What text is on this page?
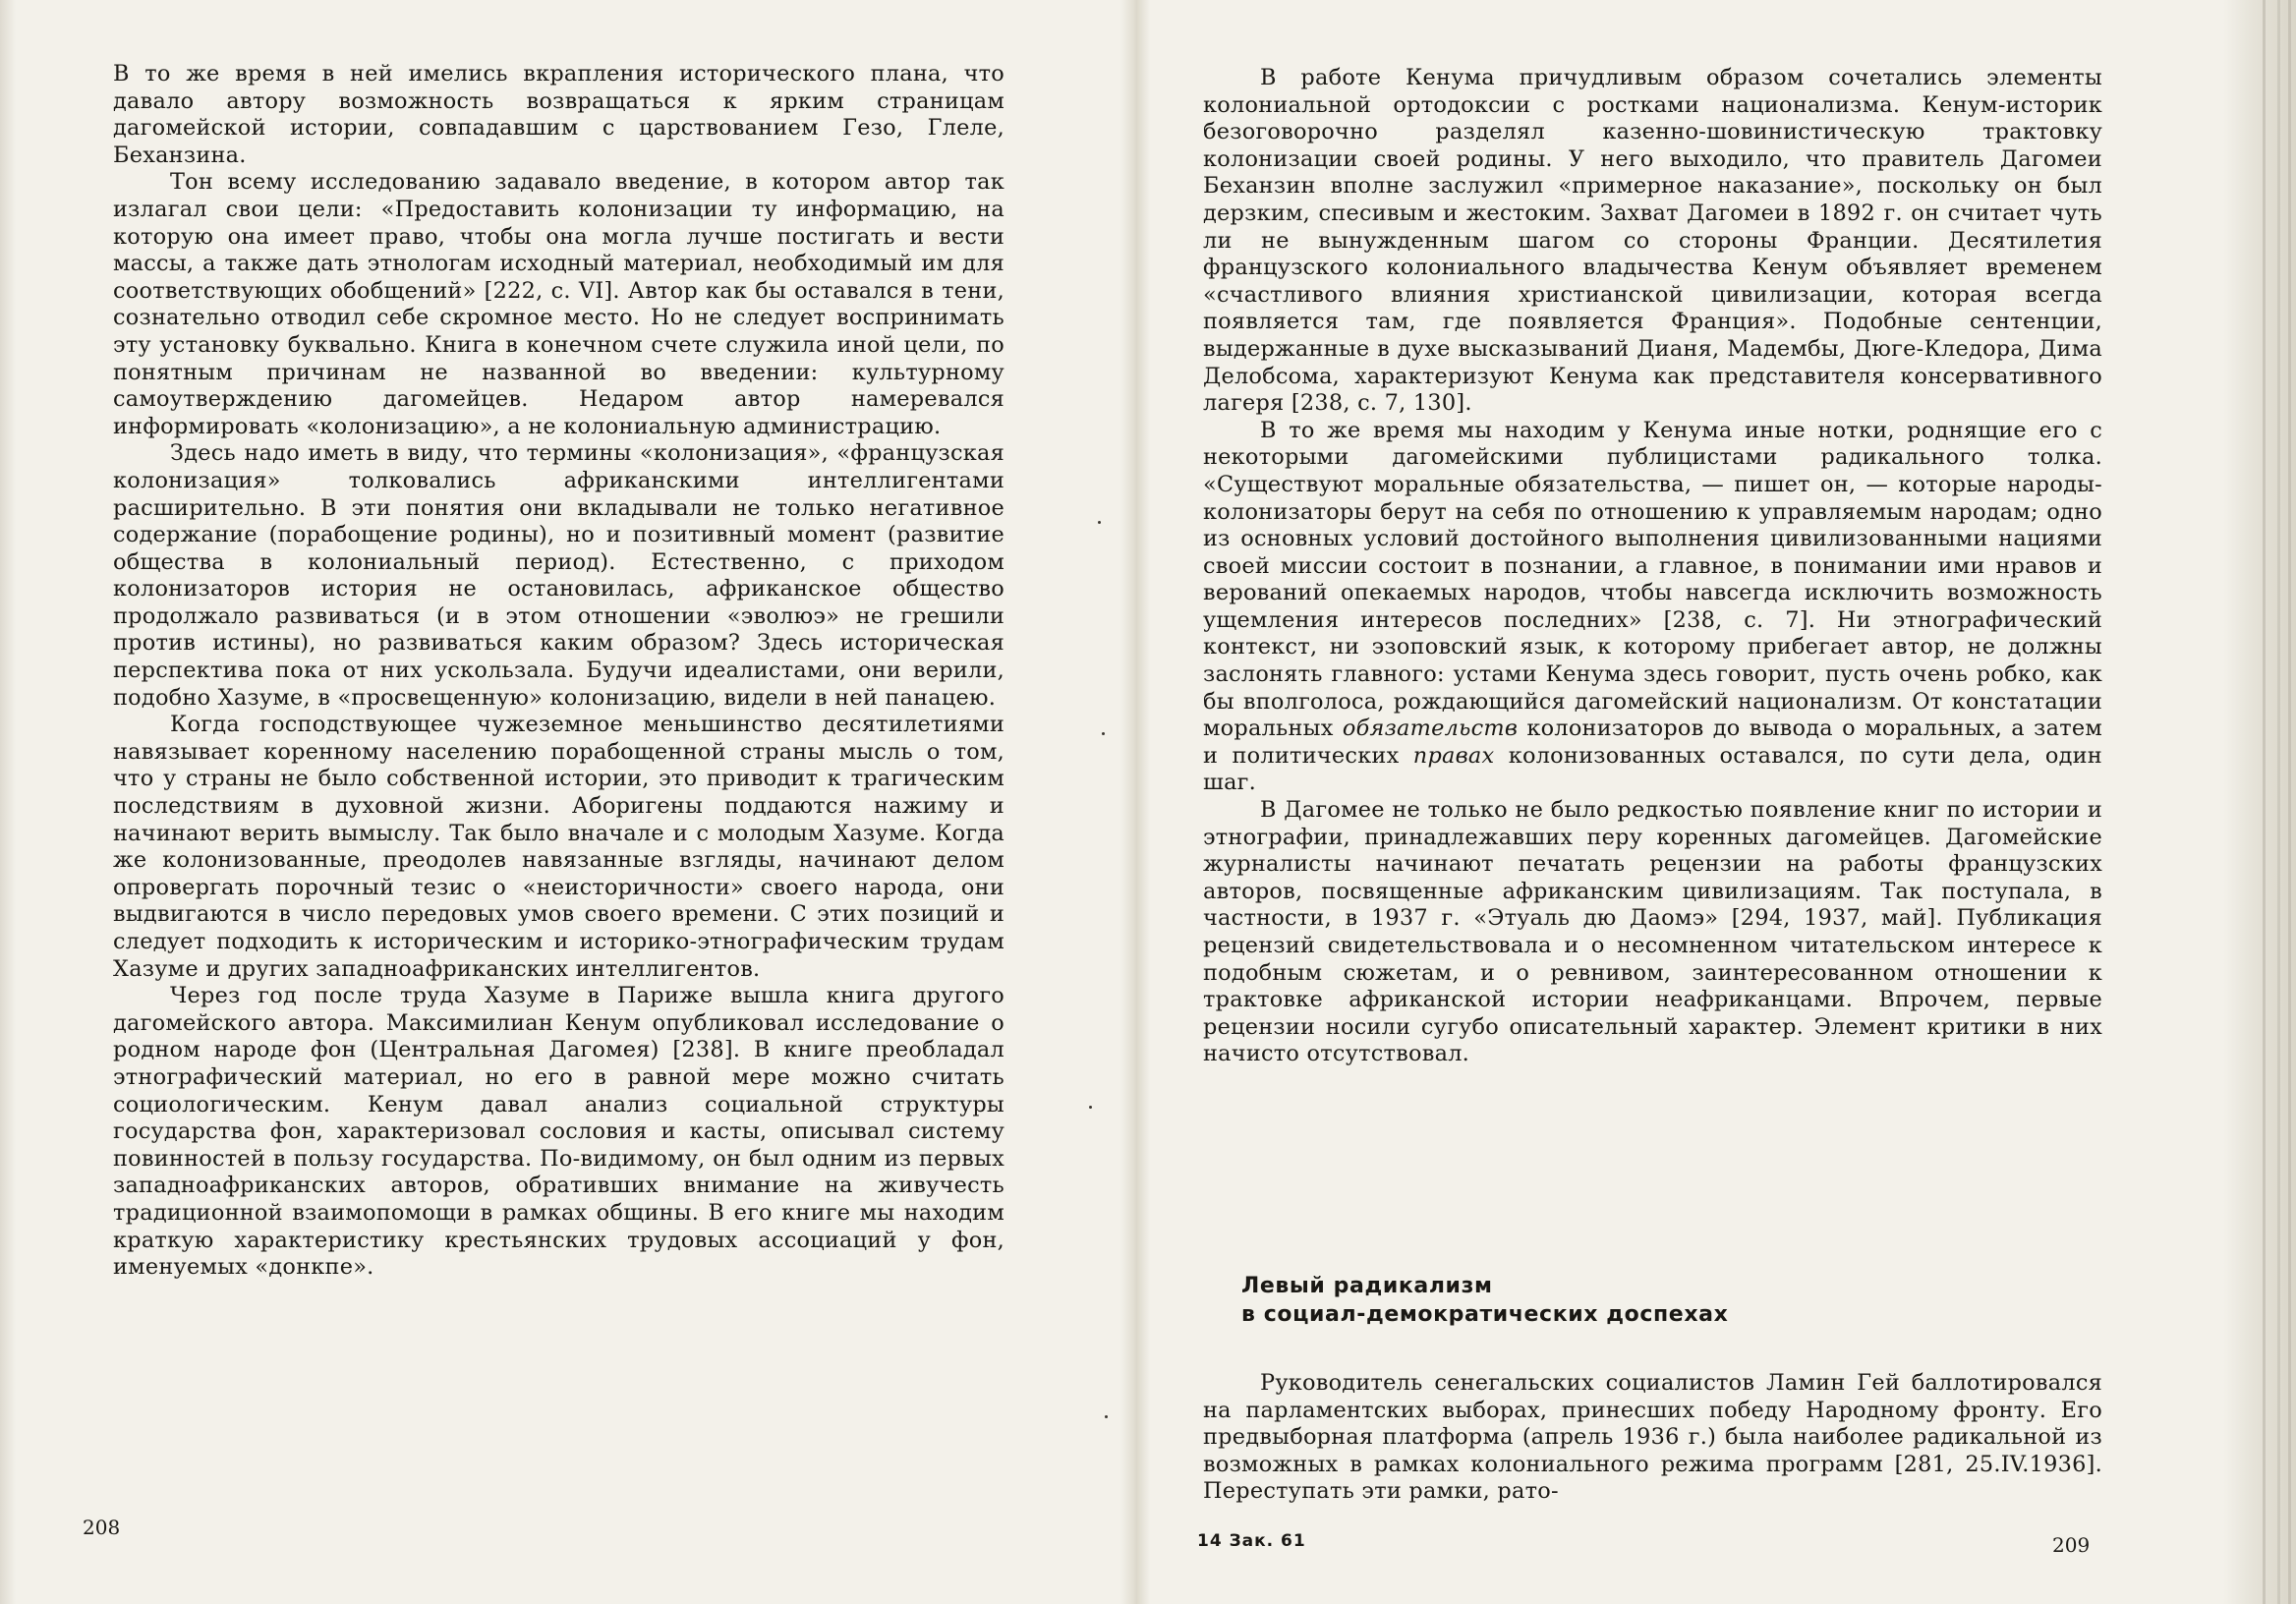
В то же время в ней имелись вкрапления исторического плана, что давало автору возможность возвращаться к ярким страницам дагомейской истории, совпадавшим с царствованием Гезо, Глеле, Беханзина.

Тон всему исследованию задавало введение, в котором автор так излагал свои цели: «Предоставить колонизации ту информацию, на которую она имеет право, чтобы она могла лучше постигать и вести массы, а также дать этнологам исходный материал, необходимый им для соответствующих обобщений» [222, с. VI]. Автор как бы оставался в тени, сознательно отводил себе скромное место. Но не следует воспринимать эту установку буквально. Книга в конечном счете служила иной цели, по понятным причинам не названной во введении: культурному самоутверждению дагомейцев. Недаром автор намеревался информировать «колонизацию», а не колониальную администрацию.

Здесь надо иметь в виду, что термины «колонизация», «французская колонизация» толковались африканскими интеллигентами расширительно. В эти понятия они вкладывали не только негативное содержание (порабощение родины), но и позитивный момент (развитие общества в колониальный период). Естественно, с приходом колонизаторов история не остановилась, африканское общество продолжало развиваться (и в этом отношении «эволюэ» не грешили против истины), но развиваться каким образом? Здесь историческая перспектива пока от них ускользала. Будучи идеалистами, они верили, подобно Хазуме, в «просвещенную» колонизацию, видели в ней панацею.

Когда господствующее чужеземное меньшинство десятилетиями навязывает коренному населению порабощенной страны мысль о том, что у страны не было собственной истории, это приводит к трагическим последствиям в духовной жизни. Аборигены поддаются нажиму и начинают верить вымыслу. Так было вначале и с молодым Хазуме. Когда же колонизованные, преодолев навязанные взгляды, начинают делом опровергать порочный тезис о «неисторичности» своего народа, они выдвигаются в число передовых умов своего времени. С этих позиций и следует подходить к историческим и историко-этнографическим трудам Хазуме и других западноафриканских интеллигентов.

Через год после труда Хазуме в Париже вышла книга другого дагомейского автора. Максимилиан Кенум опубликовал исследование о родном народе фон (Центральная Дагомея) [238]. В книге преобладал этнографический материал, но его в равной мере можно считать социологическим. Кенум давал анализ социальной структуры государства фон, характеризовал сословия и касты, описывал систему повинностей в пользу государства. По-видимому, он был одним из первых западноафриканских авторов, обративших внимание на живучесть традиционной взаимопомощи в рамках общины. В его книге мы находим краткую характеристику крестьянских трудовых ассоциаций у фон, именуемых «донкпе».

208

В работе Кенума причудливым образом сочетались элементы колониальной ортодоксии с ростками национализма. Кенум-историк безоговорочно разделял казенно-шовинистическую трактовку колонизации своей родины. У него выходило, что правитель Дагомеи Беханзин вполне заслужил «примерное наказание», поскольку он был дерзким, спесивым и жестоким. Захват Дагомеи в 1892 г. он считает чуть ли не вынужденным шагом со стороны Франции. Десятилетия французского колониального владычества Кенум объявляет временем «счастливого влияния христианской цивилизации, которая всегда появляется там, где появляется Франция». Подобные сентенции, выдержанные в духе высказываний Дианя, Мадембы, Дюге-Кледора, Дима Делобсома, характеризуют Кенума как представителя консервативного лагеря [238, с. 7, 130].

В то же время мы находим у Кенума иные нотки, роднящие его с некоторыми дагомейскими публицистами радикального толка. «Существуют моральные обязательства, — пишет он, — которые народы-колонизаторы берут на себя по отношению к управляемым народам; одно из основных условий достойного выполнения цивилизованными нациями своей миссии состоит в познании, а главное, в понимании ими нравов и верований опекаемых народов, чтобы навсегда исключить возможность ущемления интересов последних» [238, с. 7]. Ни этнографический контекст, ни эзоповский язык, к которому прибегает автор, не должны заслонять главного: устами Кенума здесь говорит, пусть очень робко, как бы вполголоса, рождающийся дагомейский национализм. От констатации моральных обязательств колонизаторов до вывода о моральных, а затем и политических правах колонизованных оставался, по сути дела, один шаг.

В Дагомее не только не было редкостью появление книг по истории и этнографии, принадлежавших перу коренных дагомейцев. Дагомейские журналисты начинают печатать рецензии на работы французских авторов, посвященные африканским цивилизациям. Так поступала, в частности, в 1937 г. «Этуаль дю Даомэ» [294, 1937, май]. Публикация рецензий свидетельствовала и о несомненном читательском интересе к подобным сюжетам, и о ревнивом, заинтересованном отношении к трактовке африканской истории неафриканцами. Впрочем, первые рецензии носили сугубо описательный характер. Элемент критики в них начисто отсутствовал.

Левый радикализм
в социал-демократических доспехах

Руководитель сенегальских социалистов Ламин Гей баллотировался на парламентских выборах, принесших победу Народному фронту. Его предвыборная платформа (апрель 1936 г.) была наиболее радикальной из возможных в рамках колониального режима программ [281, 25.IV.1936]. Переступать эти рамки, рато-

14 Зак. 61	209
